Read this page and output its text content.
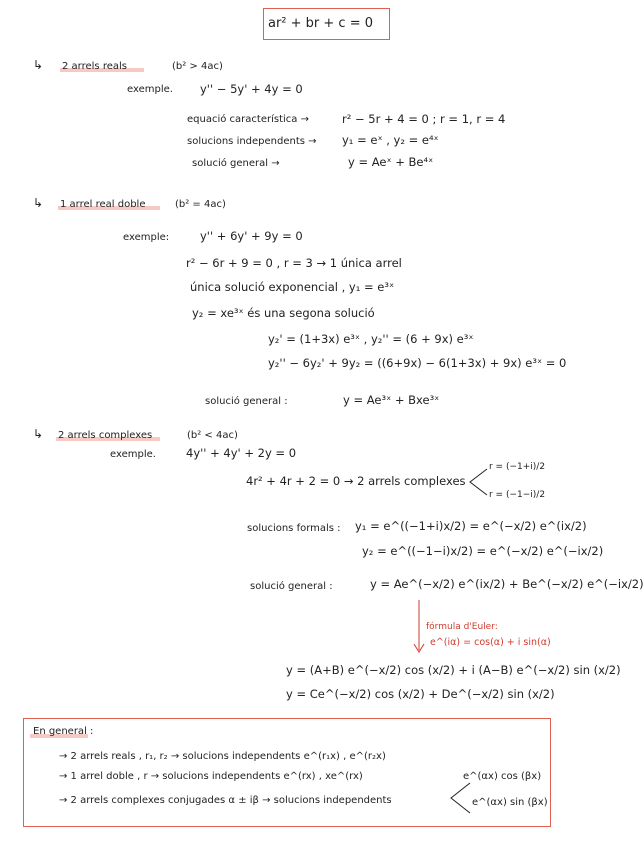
ar² + br + c = 0
↳ 2 arrels reals	(b² > 4ac)
exemple. y'' − 5y' + 4y = 0
equació característica →	r² − 5r + 4 = 0 ; r = 1, r = 4
solucions independents → y₁ = eˣ , y₂ = e⁴ˣ
solució general →	y = Aeˣ + Be⁴ˣ
↳ 1 arrel real doble	(b² = 4ac)
exemple:	y'' + 6y' + 9y = 0
r² − 6r + 9 = 0 , r = 3 → 1 única arrel
única solució exponencial , y₁ = e³ˣ
y₂ = xe³ˣ és una segona solució
y₂' = (1+3x) e³ˣ , y₂'' = (6 + 9x) e³ˣ
y₂'' − 6y₂' + 9y₂ = ((6+9x) − 6(1+3x) + 9x) e³ˣ = 0
solució general :	y = Ae³ˣ + Bxe³ˣ
↳ 2 arrels complexes	(b² < 4ac)
exemple.	4y'' + 4y' + 2y = 0
4r² + 4r + 2 = 0 → 2 arrels complexes
r = (−1+i)/2
r = (−1−i)/2
solucions formals : y₁ = e^((−1+i)x/2) = e^(−x/2) e^(ix/2)
y₂ = e^((−1−i)x/2) = e^(−x/2) e^(−ix/2)
solució general :	y = Ae^(−x/2) e^(ix/2) + Be^(−x/2) e^(−ix/2)
fórmula d'Euler:
e^(iα) = cos(α) + i sin(α)
y = (A+B) e^(−x/2) cos (x/2) + i (A−B) e^(−x/2) sin (x/2)
y = Ce^(−x/2) cos (x/2) + De^(−x/2) sin (x/2)
En general :
→ 2 arrels reals , r₁, r₂ → solucions independents e^(r₁x) , e^(r₂x)
→ 1 arrel doble , r → solucions independents e^(rx) , xe^(rx)
→ 2 arrels complexes conjugades α ± iβ → solucions independents
e^(αx) cos (βx)
e^(αx) sin (βx)
